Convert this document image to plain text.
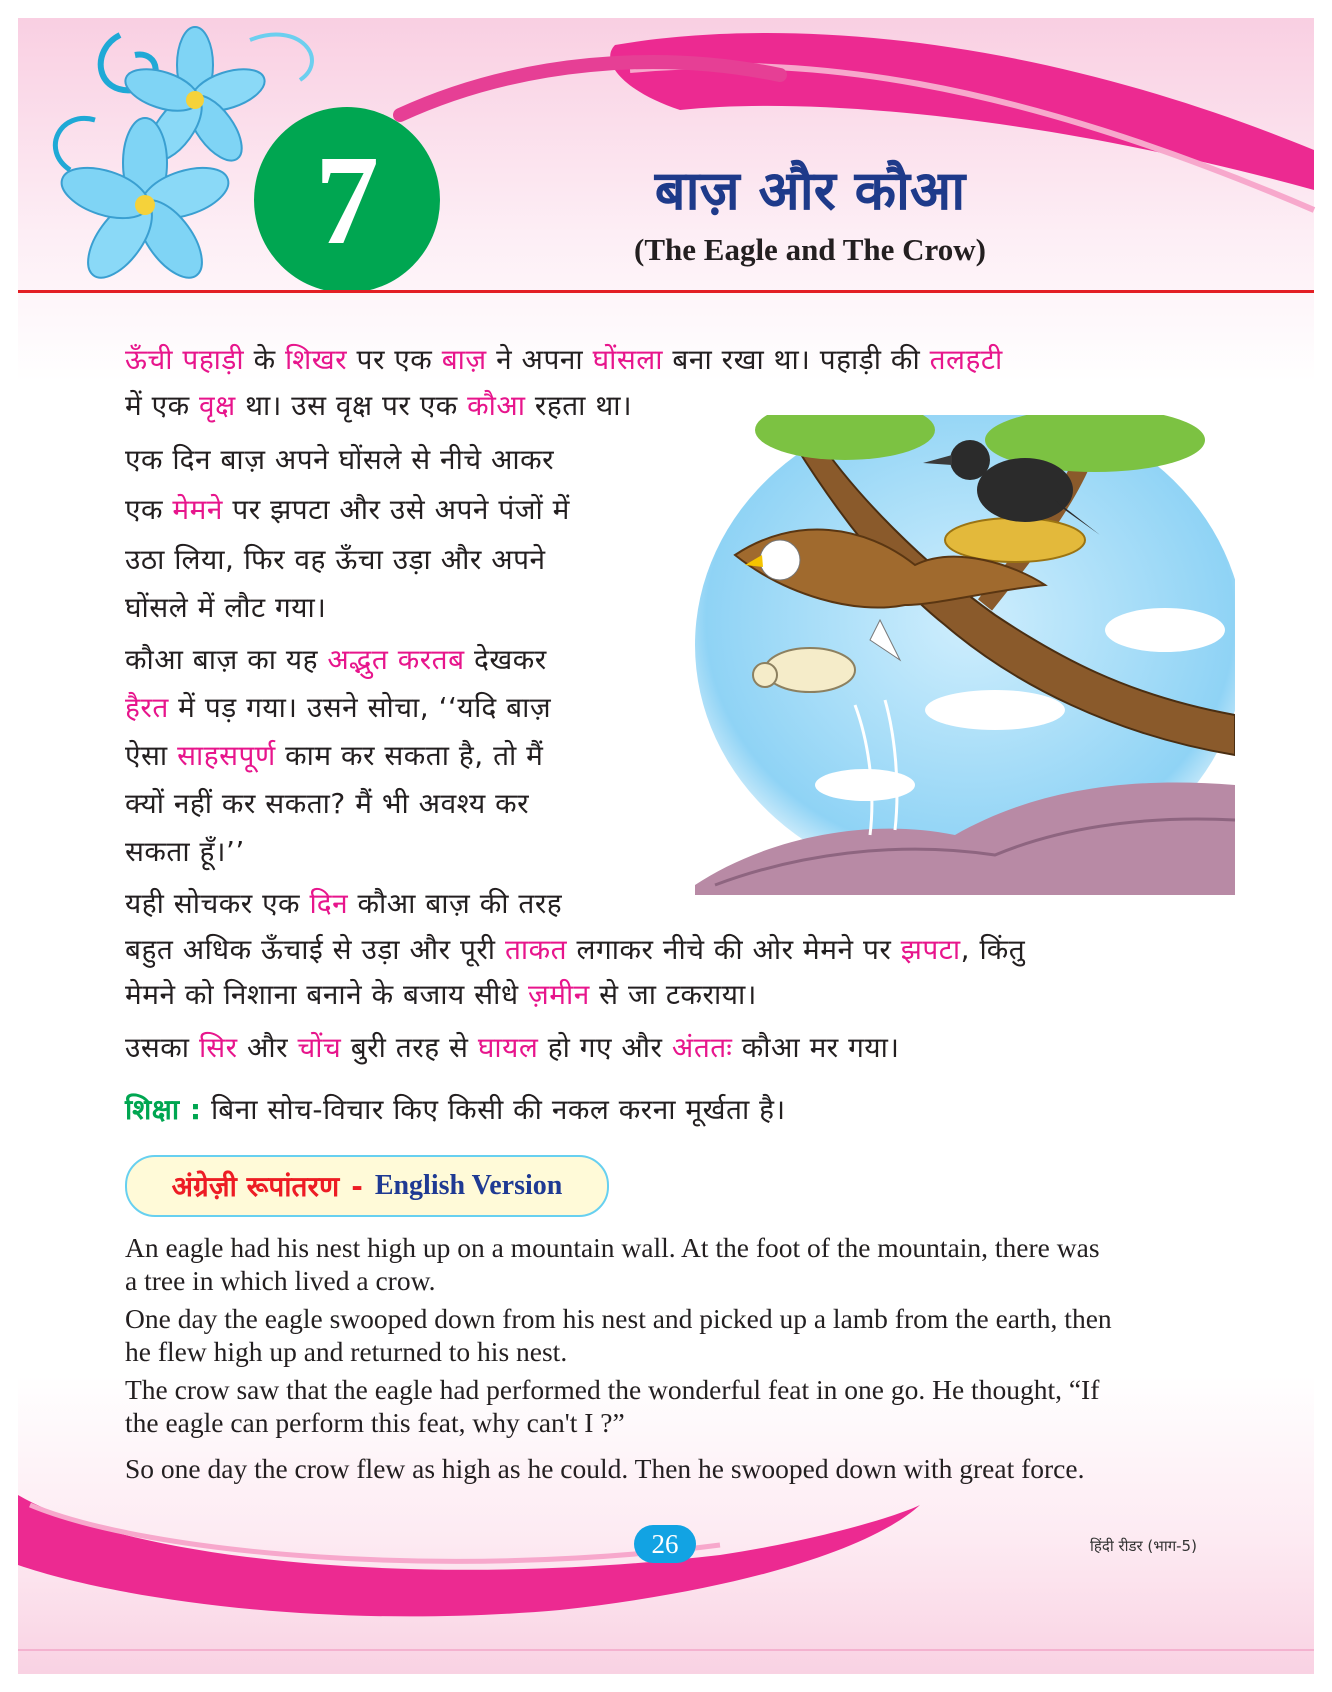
7	बाज़ और कौआ
(The Eagle and The Crow)

ऊँची पहाड़ी के शिखर पर एक बाज़ ने अपना घोंसला बना रखा था। पहाड़ी की तलहटी

में एक वृक्ष था। उस वृक्ष पर एक कौआ रहता था।

एक दिन बाज़ अपने घोंसले से नीचे आकर

एक मेमने पर झपटा और उसे अपने पंजों में

उठा लिया, फिर वह ऊँचा उड़ा और अपने

घोंसले में लौट गया।

कौआ बाज़ का यह अद्भुत करतब देखकर

हैरत में पड़ गया। उसने सोचा, ‘‘यदि बाज़

ऐसा साहसपूर्ण काम कर सकता है, तो मैं

क्यों नहीं कर सकता? मैं भी अवश्य कर

सकता हूँ।’’

यही सोचकर एक दिन कौआ बाज़ की तरह

बहुत अधिक ऊँचाई से उड़ा और पूरी ताकत लगाकर नीचे की ओर मेमने पर झपटा, किंतु

मेमने को निशाना बनाने के बजाय सीधे ज़मीन से जा टकराया।

उसका सिर और चोंच बुरी तरह से घायल हो गए और अंततः कौआ मर गया।

शिक्षा : बिना सोच-विचार किए किसी की नकल करना मूर्खता है।

अंग्रेज़ी रूपांतरण - English Version

An eagle had his nest high up on a mountain wall. At the foot of the mountain, there was

a tree in which lived a crow.

One day the eagle swooped down from his nest and picked up a lamb from the earth, then

he flew high up and returned to his nest.

The crow saw that the eagle had performed the wonderful feat in one go. He thought, “If

the eagle can perform this feat, why can't I ?”

So one day the crow flew as high as he could. Then he swooped down with great force.

26	हिंदी रीडर (भाग-5)
